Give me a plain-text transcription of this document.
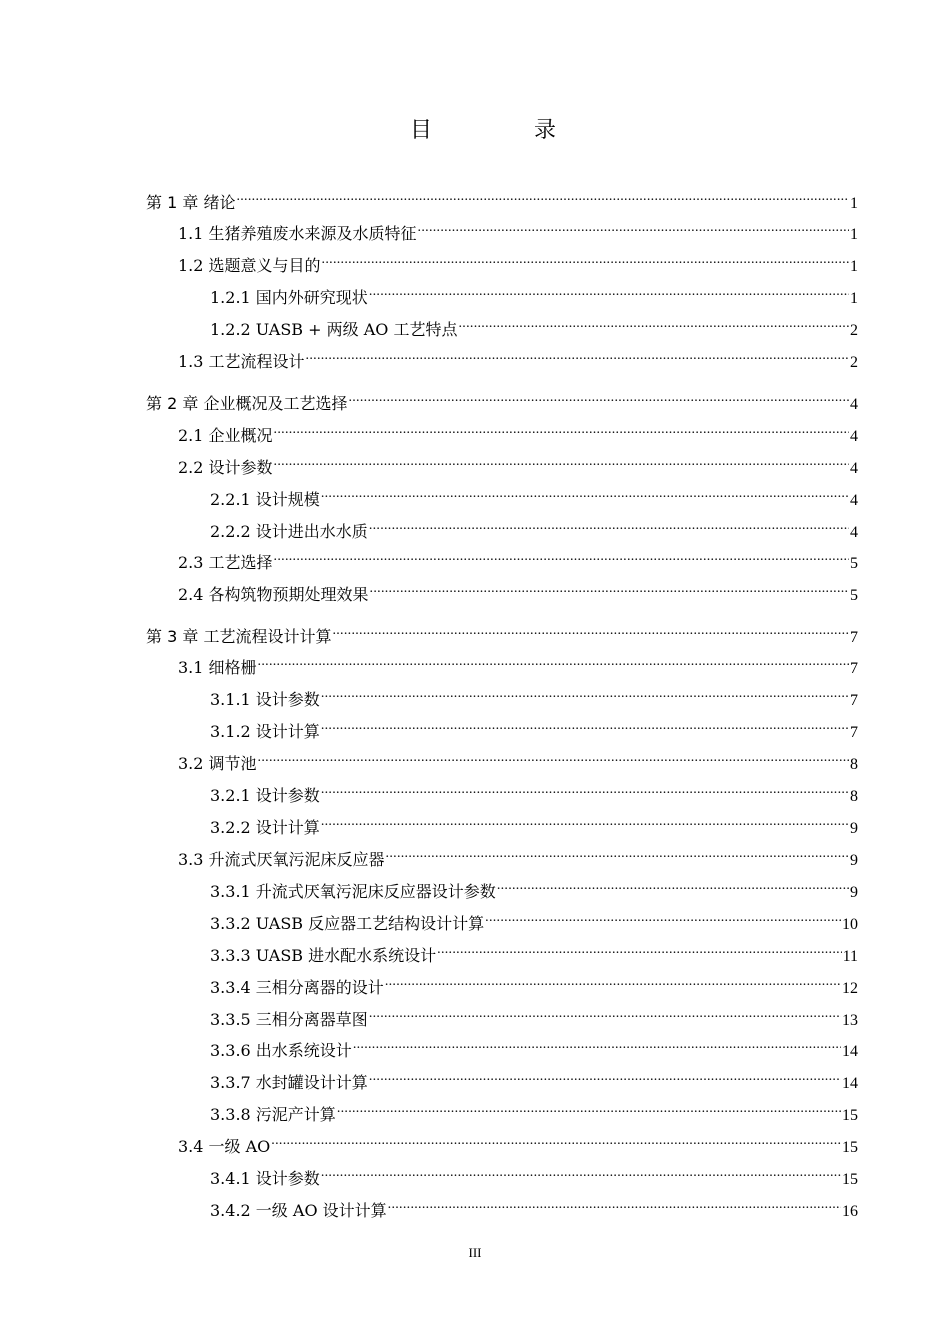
目　录
第 1 章 绪论 .....	1
1.1 生猪养殖废水来源及水质特征 .....	1
1.2 选题意义与目的 .....	1
1.2.1 国内外研究现状 .....	1
1.2.2 UASB + 两级 AO 工艺特点 .....	2
1.3 工艺流程设计 .....	2
第 2 章 企业概况及工艺选择 .....	4
2.1 企业概况 .....	4
2.2 设计参数 .....	4
2.2.1 设计规模 .....	4
2.2.2 设计进出水水质 .....	4
2.3 工艺选择 .....	5
2.4 各构筑物预期处理效果 .....	5
第 3 章 工艺流程设计计算 .....	7
3.1 细格栅 .....	7
3.1.1 设计参数 .....	7
3.1.2 设计计算 .....	7
3.2 调节池 .....	8
3.2.1 设计参数 .....	8
3.2.2 设计计算 .....	9
3.3 升流式厌氧污泥床反应器 .....	9
3.3.1 升流式厌氧污泥床反应器设计参数 .....	9
3.3.2 UASB 反应器工艺结构设计计算 .....	10
3.3.3 UASB 进水配水系统设计 .....	11
3.3.4 三相分离器的设计 .....	12
3.3.5 三相分离器草图 .....	13
3.3.6 出水系统设计 .....	14
3.3.7 水封罐设计计算 .....	14
3.3.8 污泥产计算 .....	15
3.4 一级 AO .....	15
3.4.1 设计参数 .....	15
3.4.2 一级 AO 设计计算 .....	16
III
